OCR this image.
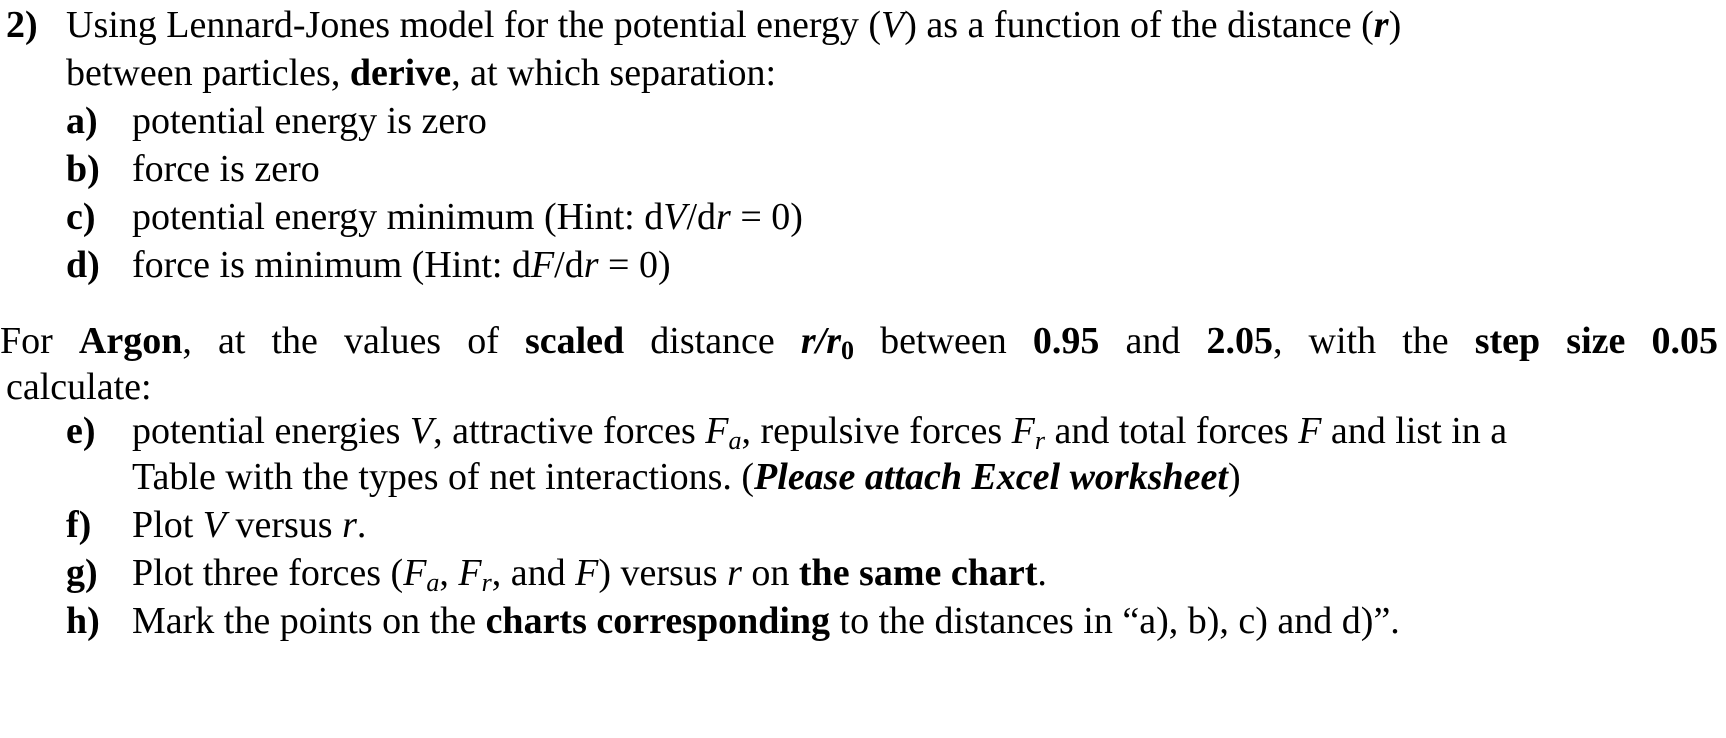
2) Using Lennard-Jones model for the potential energy (V) as a function of the distance (r)
between particles, derive, at which separation:
a) potential energy is zero
b) force is zero
c) potential energy minimum (Hint: dV/dr = 0)
d) force is minimum (Hint: dF/dr = 0)
For Argon, at the values of scaled distance $r/r_0$ between 0.95 and 2.05, with the step size 0.05
calculate:
e) potential energies V, attractive forces $F_a$, repulsive forces $F_r$ and total forces F and list in a
Table with the types of net interactions. (Please attach Excel worksheet)
f) Plot V versus r.
g) Plot three forces ($F_a$, $F_r$, and F) versus r on the same chart.
h) Mark the points on the charts corresponding to the distances in “a), b), c) and d)”.
